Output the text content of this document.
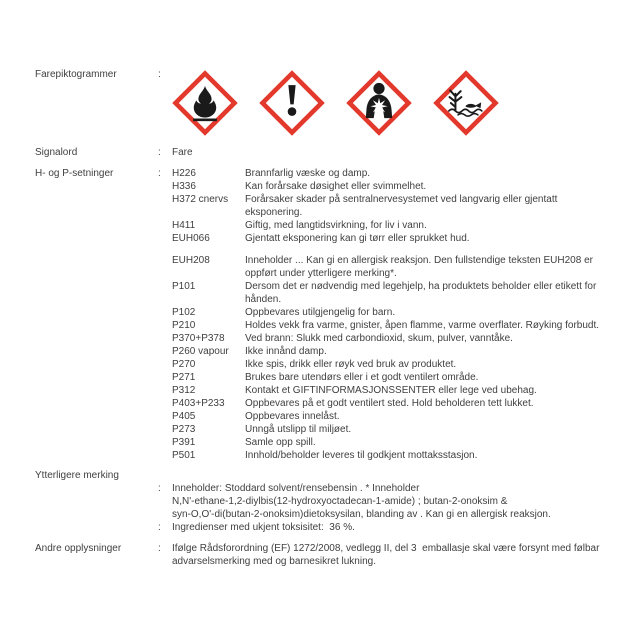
Farepiktogrammer	:
Signalord	:	Fare
H- og P-setninger	:	H226	Brannfarlig væske og damp.
H336	Kan forårsake døsighet eller svimmelhet.
H372 cnervs	Forårsaker skader på sentralnervesystemet ved langvarig eller gjentatt
eksponering.
H411	Giftig, med langtidsvirkning, for liv i vann.
EUH066	Gjentatt eksponering kan gi tørr eller sprukket hud.
EUH208	Inneholder ... Kan gi en allergisk reaksjon. Den fullstendige teksten EUH208 er
oppført under ytterligere merking*.
P101	Dersom det er nødvendig med legehjelp, ha produktets beholder eller etikett for
hånden.
P102	Oppbevares utilgjengelig for barn.
P210	Holdes vekk fra varme, gnister, åpen flamme, varme overflater. Røyking forbudt.
P370+P378	Ved brann: Slukk med carbondioxid, skum, pulver, vanntåke.
P260 vapour	Ikke innånd damp.
P270	Ikke spis, drikk eller røyk ved bruk av produktet.
P271	Brukes bare utendørs eller i et godt ventilert område.
P312	Kontakt et GIFTINFORMASJONSSENTER eller lege ved ubehag.
P403+P233	Oppbevares på et godt ventilert sted. Hold beholderen tett lukket.
P405	Oppbevares innelåst.
P273	Unngå utslipp til miljøet.
P391	Samle opp spill.
P501	Innhold/beholder leveres til godkjent mottaksstasjon.
Ytterligere merking
:	Inneholder: Stoddard solvent/rensebensin . * Inneholder
N,N'-ethane-1,2-diylbis(12-hydroxyoctadecan-1-amide) ; butan-2-onoksim &
syn-O,O'-di(butan-2-onoksim)dietoksysilan, blanding av . Kan gi en allergisk reaksjon.
:	Ingredienser med ukjent toksisitet:  36 %.
Andre opplysninger	:	Ifølge Rådsforordning (EF) 1272/2008, vedlegg II, del 3  emballasje skal være forsynt med følbar
advarselsmerking med og barnesikret lukning.
